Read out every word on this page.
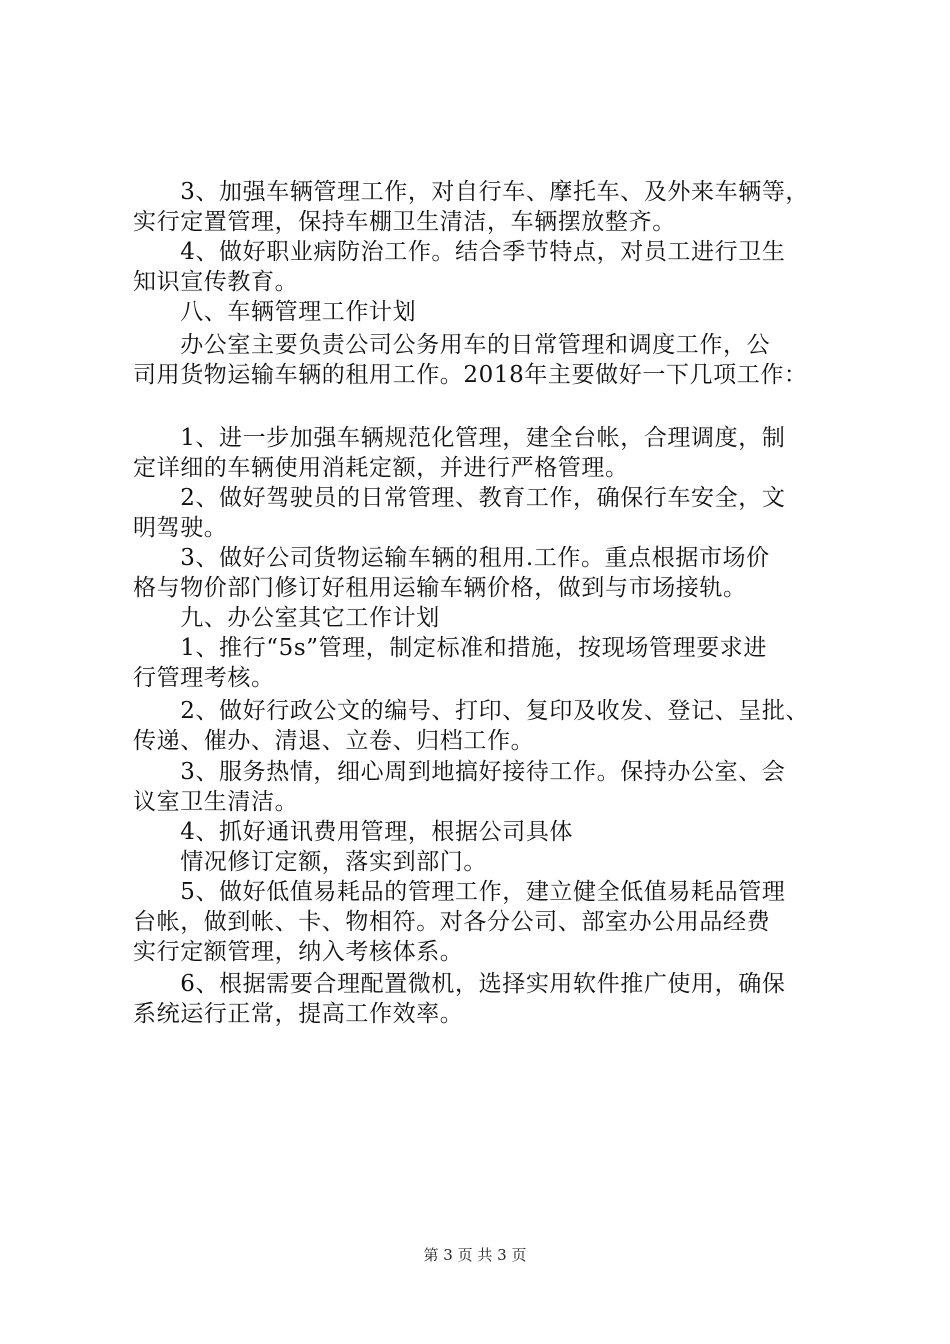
　　3、加强车辆管理工作，对自行车、摩托车、及外来车辆等，
实行定置管理，保持车棚卫生清洁，车辆摆放整齐。
　　4、做好职业病防治工作。结合季节特点，对员工进行卫生
知识宣传教育。
　　八、车辆管理工作计划
　　办公室主要负责公司公务用车的日常管理和调度工作，公
司用货物运输车辆的租用工作。2018年主要做好一下几项工作：
　　1、进一步加强车辆规范化管理，建全台帐，合理调度，制
定详细的车辆使用消耗定额，并进行严格管理。
　　2、做好驾驶员的日常管理、教育工作，确保行车安全，文
明驾驶。
　　3、做好公司货物运输车辆的租用.工作。重点根据市场价
格与物价部门修订好租用运输车辆价格，做到与市场接轨。
　　九、办公室其它工作计划
　　1、推行“5s”管理，制定标准和措施，按现场管理要求进
行管理考核。
　　2、做好行政公文的编号、打印、复印及收发、登记、呈批、
传递、催办、清退、立卷、归档工作。
　　3、服务热情，细心周到地搞好接待工作。保持办公室、会
议室卫生清洁。
　　4、抓好通讯费用管理，根据公司具体
　　情况修订定额，落实到部门。
　　5、做好低值易耗品的管理工作，建立健全低值易耗品管理
台帐，做到帐、卡、物相符。对各分公司、部室办公用品经费
实行定额管理，纳入考核体系。
　　6、根据需要合理配置微机，选择实用软件推广使用，确保
系统运行正常，提高工作效率。
第 3 页 共 3 页
